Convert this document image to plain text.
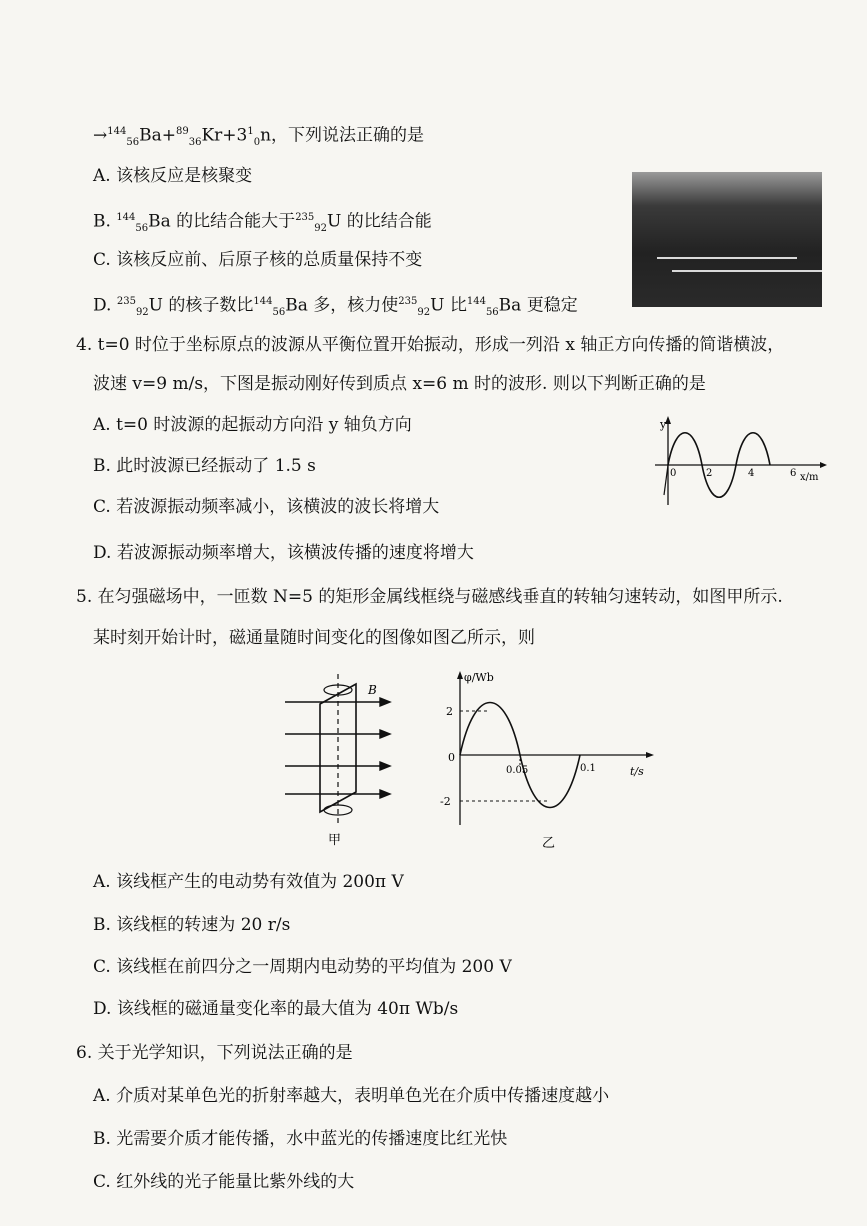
$\to^{144}_{56}Ba+^{89}_{36}Kr+3^1_0n$，下列说法正确的是
A. 该核反应是核聚变
B. $^{144}_{56}$Ba 的比结合能大于$^{235}_{92}$U 的比结合能
C. 该核反应前、后原子核的总质量保持不变
D. $^{235}_{92}$U 的核子数比$^{144}_{56}$Ba 多，核力使$^{235}_{92}$U 比$^{144}_{56}$Ba 更稳定
4. t=0 时位于坐标原点的波源从平衡位置开始振动，形成一列沿 x 轴正方向传播的简谐横波，
波速 v=9 m/s，下图是振动刚好传到质点 x=6 m 时的波形. 则以下判断正确的是
A. t=0 时波源的起振动方向沿 y 轴负方向
B. 此时波源已经振动了 1.5 s
C. 若波源振动频率减小，该横波的波长将增大
D. 若波源振动频率增大，该横波传播的速度将增大
y
x/m
0	2	4	6
5. 在匀强磁场中，一匝数 N=5 的矩形金属线框绕与磁感线垂直的转轴匀速转动，如图甲所示.
某时刻开始计时，磁通量随时间变化的图像如图乙所示，则
B
甲
φ/Wb
2
-2
0
0.05	0.1	t/s
乙
A. 该线框产生的电动势有效值为 200π V
B. 该线框的转速为 20 r/s
C. 该线框在前四分之一周期内电动势的平均值为 200 V
D. 该线框的磁通量变化率的最大值为 40π Wb/s
6. 关于光学知识，下列说法正确的是
A. 介质对某单色光的折射率越大，表明单色光在介质中传播速度越小
B. 光需要介质才能传播，水中蓝光的传播速度比红光快
C. 红外线的光子能量比紫外线的大
